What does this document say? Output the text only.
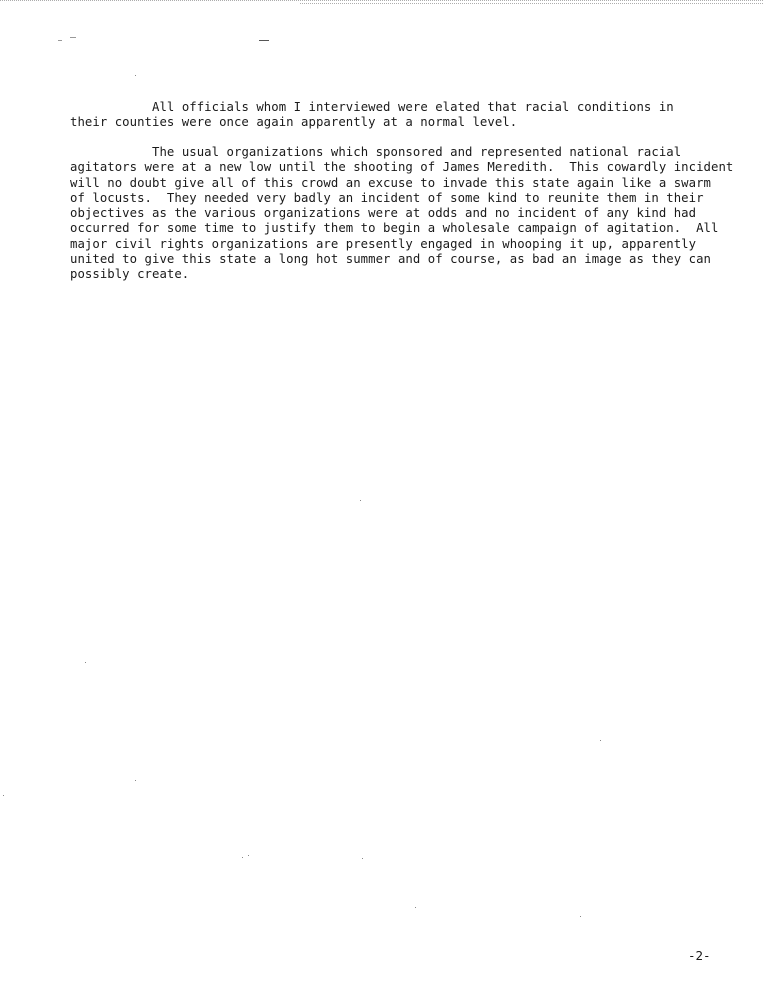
All officials whom I interviewed were elated that racial conditions in
their counties were once again apparently at a normal level.

The usual organizations which sponsored and represented national racial
agitators were at a new low until the shooting of James Meredith.  This cowardly incident
will no doubt give all of this crowd an excuse to invade this state again like a swarm
of locusts.  They needed very badly an incident of some kind to reunite them in their
objectives as the various organizations were at odds and no incident of any kind had
occurred for some time to justify them to begin a wholesale campaign of agitation.  All
major civil rights organizations are presently engaged in whooping it up, apparently
united to give this state a long hot summer and of course, as bad an image as they can
possibly create.

-2-
